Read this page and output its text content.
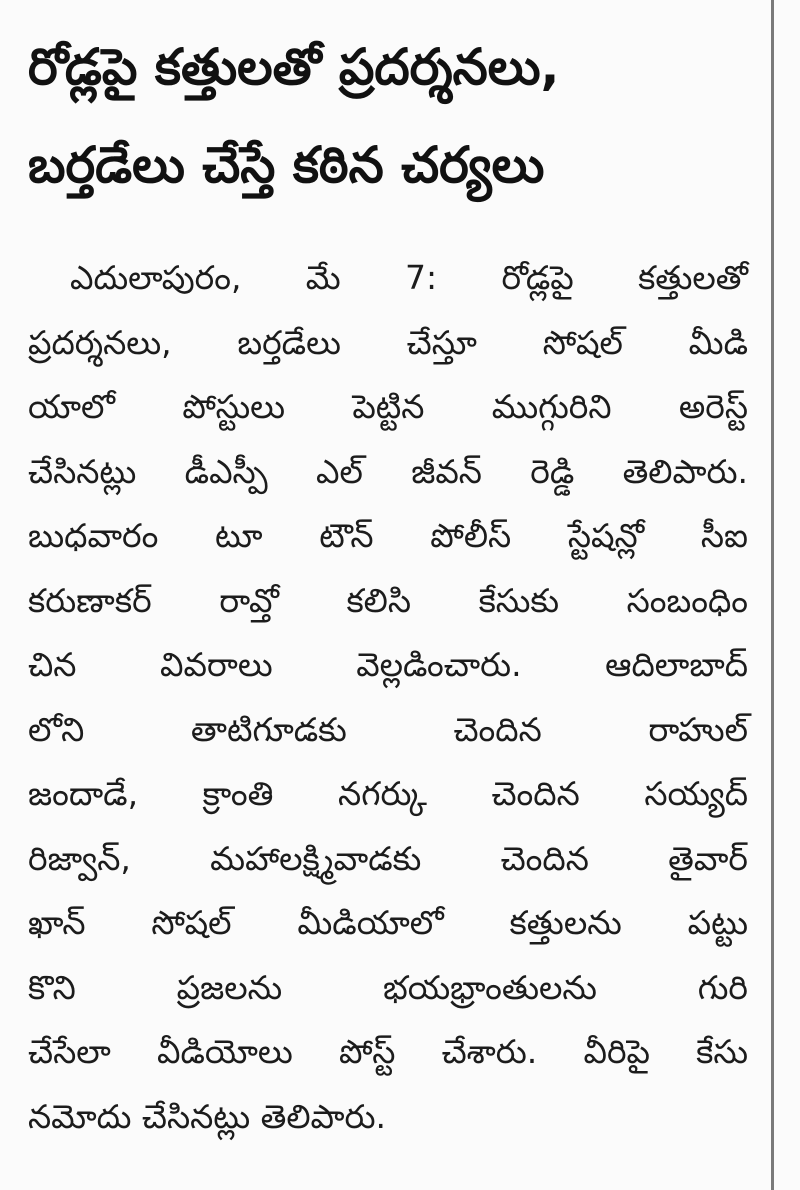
రోడ్లపై కత్తులతో ప్రదర్శనలు,
బర్తడేలు చేస్తే కఠిన చర్యలు
ఎదులాపురం, మే 7: రోడ్లపై కత్తులతో
ప్రదర్శనలు, బర్తడేలు చేస్తూ సోషల్ మీడి
యాలో పోస్టులు పెట్టిన ముగ్గురిని అరెస్ట్
చేసినట్లు డీఎస్పీ ఎల్ జీవన్ రెడ్డి తెలిపారు.
బుధవారం టూ టౌన్ పోలీస్ స్టేషన్లో సీఐ
కరుణాకర్ రావ్తో కలిసి కేసుకు సంబంధిం
చిన వివరాలు వెల్లడించారు. ఆదిలాబాద్
లోని తాటిగూడకు చెందిన రాహుల్
జందాడే, క్రాంతి నగర్కు చెందిన సయ్యద్
రిజ్వాన్, మహాలక్ష్మివాడకు చెందిన తైవార్
ఖాన్ సోషల్ మీడియాలో కత్తులను పట్టు
కొని ప్రజలను భయభ్రాంతులను గురి
చేసేలా వీడియోలు పోస్ట్ చేశారు. వీరిపై కేసు
నమోదు చేసినట్లు తెలిపారు.
